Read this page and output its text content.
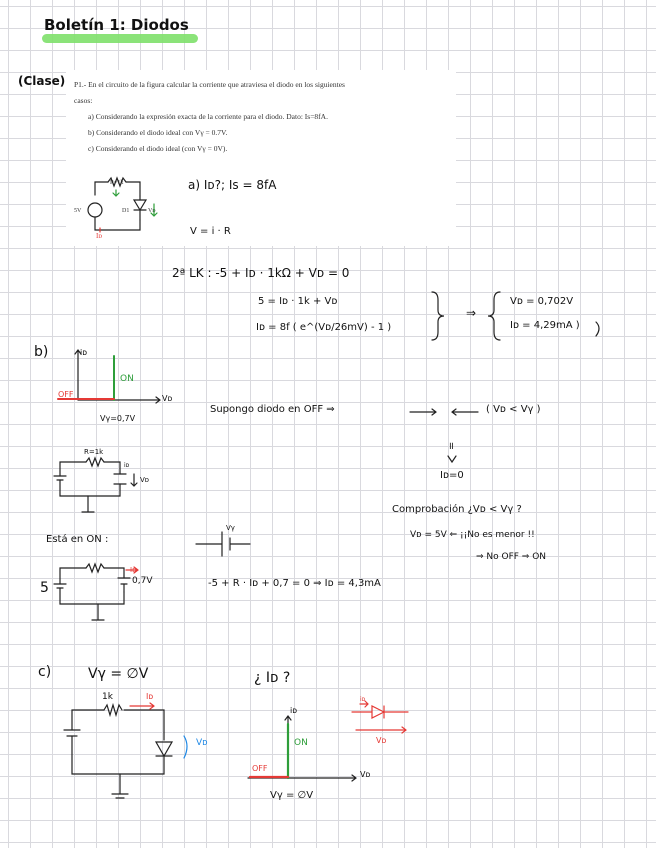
Boletín 1: Diodos
(Clase) P1.- En el circuito de la figura calcular la corriente que atraviesa el diodo en los siguientes
casos:
a) Considerando la expresión exacta de la corriente para el diodo. Dato: Is=8fA.
b) Considerando el diodo ideal con Vγ = 0.7V.
c) Considerando el diodo ideal (con Vγ = 0V).
R=1k
5V	D1
Iᴅ
Vᴅ
a) Iᴅ?; Is = 8fA
V = i · R
2ª LK : -5 + Iᴅ · 1kΩ + Vᴅ = 0
5 = Iᴅ · 1k + Vᴅ
Iᴅ = 8f ( e^(Vᴅ/26mV) - 1 )
⇒
Vᴅ = 0,702V
Iᴅ = 4,29mA )
b)	iᴅ
ON
OFF	Vᴅ
Vγ=0,7V
Supongo diodo en OFF ⇒	( Vᴅ < Vγ )
॥
Iᴅ=0
R=1k
iᴅ
Vᴅ
Comprobación ¿Vᴅ < Vγ ?
Vᴅ = 5V ⇐ ¡¡No es menor !!
⇒ No OFF ⇒ ON
Está en ON :
Vγ
5	0,7V
Iᴅ
-5 + R · Iᴅ + 0,7 = 0 ⇒ Iᴅ = 4,3mA
c)	Vγ = ∅V
1k	Iᴅ
Vᴅ
¿ Iᴅ ?
iᴅ
ON
OFF
Vᴅ
Vγ = ∅V
iᴅ
Vᴅ
